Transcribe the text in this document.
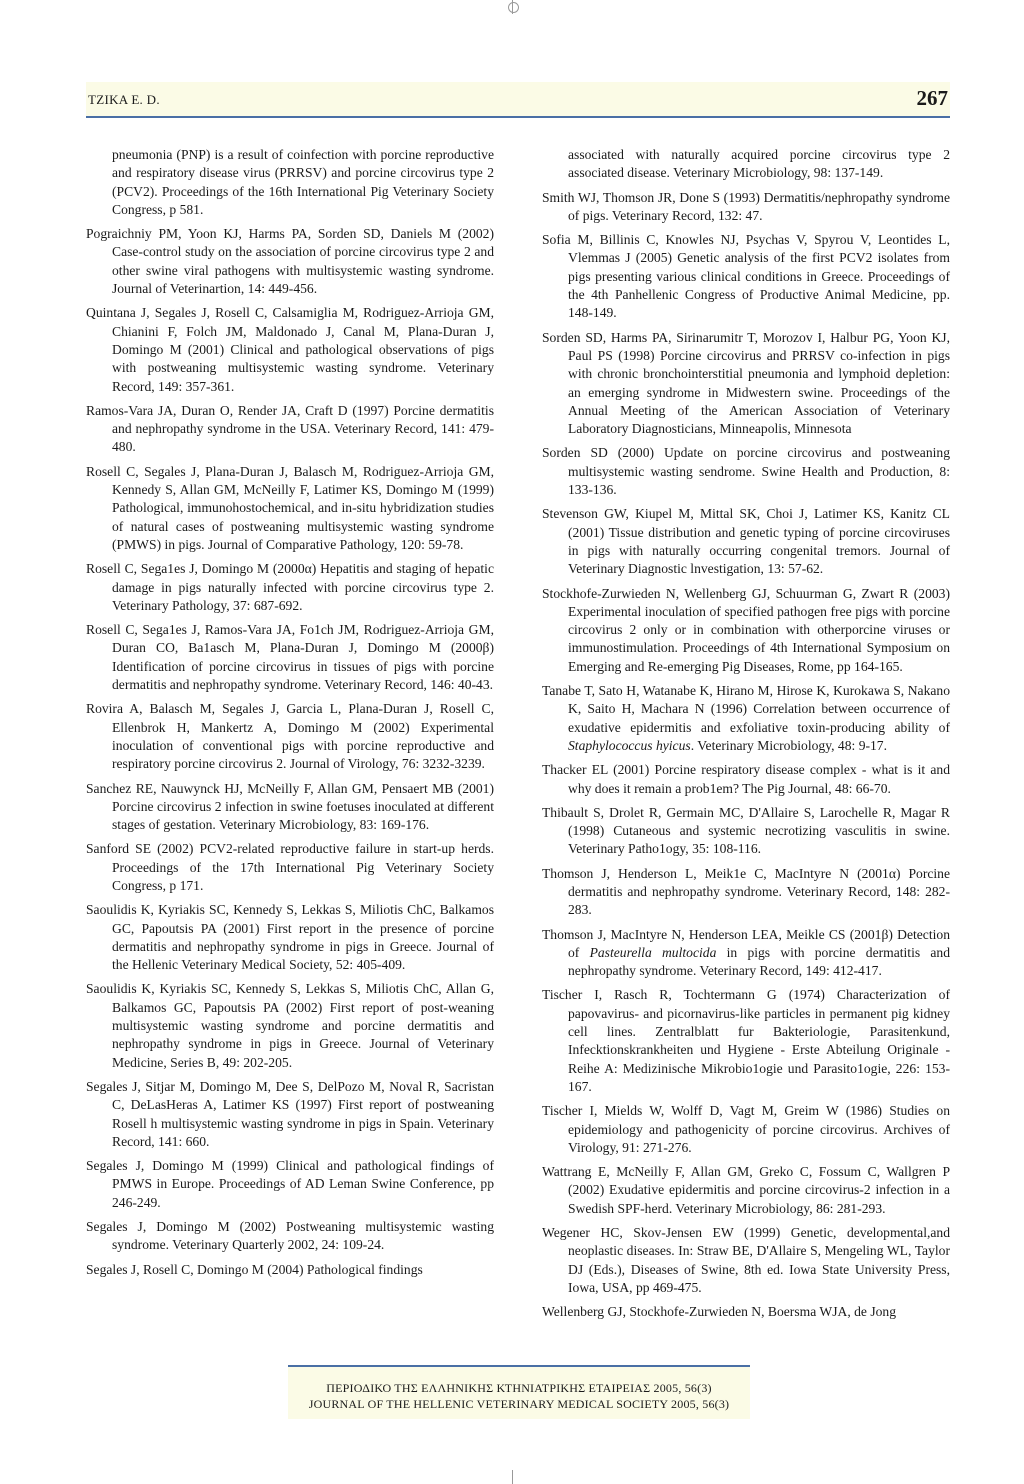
TZIKA E. D.	267

pneumonia (PNP) is a result of coinfection with porcine reproductive and respiratory disease virus (PRRSV) and porcine circovirus type 2 (PCV2). Proceedings of the 16th International Pig Veterinary Society Congress, p 581.

Pograichniy PM, Yoon KJ, Harms PA, Sorden SD, Daniels M (2002) Case-control study on the association of porcine circovirus type 2 and other swine viral pathogens with multisystemic wasting syndrome. Journal of Veterinartion, 14: 449-456.

Quintana J, Segales J, Rosell C, Calsamiglia M, Rodriguez-Arrioja GM, Chianini F, Folch JM, Maldonado J, Canal M, Plana-Duran J, Domingo M (2001) Clinical and pathological observations of pigs with postweaning multisystemic wasting syndrome. Veterinary Record, 149: 357-361.

Ramos-Vara JA, Duran O, Render JA, Craft D (1997) Porcine dermatitis and nephropathy syndrome in the USA. Veterinary Record, 141: 479-480.

Rosell C, Segales J, Plana-Duran J, Balasch M, Rodriguez-Arrioja GM, Kennedy S, Allan GM, McNeilly F, Latimer KS, Domingo M (1999) Pathological, immunohostochemical, and in-situ hybridization studies of natural cases of postweaning multisystemic wasting syndrome (PMWS) in pigs. Journal of Comparative Pathology, 120: 59-78.

Rosell C, Sega1es J, Domingo M (2000α) Hepatitis and staging of hepatic damage in pigs naturally infected with porcine circovirus type 2. Veterinary Pathology, 37: 687-692.

Rosell C, Sega1es J, Ramos-Vara JA, Fo1ch JM, Rodriguez-Arrioja GM, Duran CO, Ba1asch M, Plana-Duran J, Domingo M (2000β) Identification of porcine circovirus in tissues of pigs with porcine dermatitis and nephropathy syndrome. Veterinary Record, 146: 40-43.

Rovira A, Balasch M, Segales J, Garcia L, Plana-Duran J, Rosell C, Ellenbrok H, Mankertz A, Domingo M (2002) Experimental inoculation of conventional pigs with porcine reproductive and respiratory porcine circovirus 2. Journal of Virology, 76: 3232-3239.

Sanchez RE, Nauwynck HJ, McNeilly F, Allan GM, Pensaert MB (2001) Porcine circovirus 2 infection in swine foetuses inoculated at different stages of gestation. Veterinary Microbiology, 83: 169-176.

Sanford SE (2002) PCV2-related reproductive failure in start-up herds. Proceedings of the 17th International Pig Veterinary Society Congress, p 171.

Saoulidis K, Kyriakis SC, Kennedy S, Lekkas S, Miliotis ChC, Balkamos GC, Papoutsis PA (2001) First report in the presence of porcine dermatitis and nephropathy syndrome in pigs in Greece. Journal of the Hellenic Veterinary Medical Society, 52: 405-409.

Saoulidis K, Kyriakis SC, Kennedy S, Lekkas S, Miliotis ChC, Allan G, Balkamos GC, Papoutsis PA (2002) First report of post-weaning multisystemic wasting syndrome and porcine dermatitis and nephropathy syndrome in pigs in Greece. Journal of Veterinary Medicine, Series B, 49: 202-205.

Segales J, Sitjar M, Domingo M, Dee S, DelPozo M, Noval R, Sacristan C, DeLasHeras A, Latimer KS (1997) First report of postweaning Rosell h multisystemic wasting syndrome in pigs in Spain. Veterinary Record, 141: 660.

Segales J, Domingo M (1999) Clinical and pathological findings of PMWS in Europe. Proceedings of AD Leman Swine Conference, pp 246-249.

Segales J, Domingo M (2002) Postweaning multisystemic wasting syndrome. Veterinary Quarterly 2002, 24: 109-24.

Segales J, Rosell C, Domingo M (2004) Pathological findings

associated with naturally acquired porcine circovirus type 2 associated disease. Veterinary Microbiology, 98: 137-149.

Smith WJ, Thomson JR, Done S (1993) Dermatitis/nephropathy syndrome of pigs. Veterinary Record, 132: 47.

Sofia M, Billinis C, Knowles NJ, Psychas V, Spyrou V, Leontides L, Vlemmas J (2005) Genetic analysis of the first PCV2 isolates from pigs presenting various clinical conditions in Greece. Proceedings of the 4th Panhellenic Congress of Productive Animal Medicine, pp. 148-149.

Sorden SD, Harms PA, Sirinarumitr T, Morozov I, Halbur PG, Yoon KJ, Paul PS (1998) Porcine circovirus and PRRSV co-infection in pigs with chronic bronchointerstitial pneumonia and lymphoid depletion: an emerging syndrome in Midwestern swine. Proceedings of the Annual Meeting of the American Association of Veterinary Laboratory Diagnosticians, Minneapolis, Minnesota

Sorden SD (2000) Update on porcine circovirus and postweaning multisystemic wasting sendrome. Swine Health and Production, 8: 133-136.

Stevenson GW, Kiupel M, Mittal SK, Choi J, Latimer KS, Kanitz CL (2001) Tissue distribution and genetic typing of porcine circoviruses in pigs with naturally occurring congenital tremors. Journal of Veterinary Diagnostic lnvestigation, 13: 57-62.

Stockhofe-Zurwieden N, Wellenberg GJ, Schuurman G, Zwart R (2003) Experimental inoculation of specified pathogen free pigs with porcine circovirus 2 only or in combination with otherporcine viruses or immunostimulation. Proceedings of 4th International Symposium on Emerging and Re-emerging Pig Diseases, Rome, pp 164-165.

Tanabe T, Sato H, Watanabe K, Hirano M, Hirose K, Kurokawa S, Nakano K, Saito H, Machara N (1996) Correlation between occurrence of exudative epidermitis and exfoliative toxin-producing ability of Staphylococcus hyicus. Veterinary Microbiology, 48: 9-17.

Thacker EL (2001) Porcine respiratory disease complex - what is it and why does it remain a prob1em? The Pig Journal, 48: 66-70.

Thibault S, Drolet R, Germain MC, D'Allaire S, Larochelle R, Magar R (1998) Cutaneous and systemic necrotizing vasculitis in swine. Veterinary Patho1ogy, 35: 108-116.

Thomson J, Henderson L, Meik1e C, MacIntyre N (2001α) Porcine dermatitis and nephropathy syndrome. Veterinary Record, 148: 282-283.

Thomson J, MacIntyre N, Henderson LEA, Meikle CS (2001β) Detection of Pasteurella multocida in pigs with porcine dermatitis and nephropathy syndrome. Veterinary Record, 149: 412-417.

Tischer I, Rasch R, Tochtermann G (1974) Characterization of papovavirus- and picornavirus-like particles in permanent pig kidney cell lines. Zentralblatt fur Bakteriologie, Parasitenkund, Infecktionskrankheiten und Hygiene - Erste Abteilung Originale -Reihe A: Medizinische Mikrobio1ogie und Parasito1ogie, 226: 153-167.

Tischer I, Mields W, Wolff D, Vagt M, Greim W (1986) Studies on epidemiology and pathogenicity of porcine circovirus. Archives of Virology, 91: 271-276.

Wattrang E, McNeilly F, Allan GM, Greko C, Fossum C, Wallgren P (2002) Exudative epidermitis and porcine circovirus-2 infection in a Swedish SPF-herd. Veterinary Microbiology, 86: 281-293.

Wegener HC, Skov-Jensen EW (1999) Genetic, developmental,and neoplastic diseases. In: Straw BE, D'Allaire S, Mengeling WL, Taylor DJ (Eds.), Diseases of Swine, 8th ed. Iowa State University Press, Iowa, USA, pp 469-475.

Wellenberg GJ, Stockhofe-Zurwieden N, Boersma WJA, de Jong

ΠΕΡΙΟΔΙΚΟ ΤΗΣ ΕΛΛΗΝΙΚΗΣ ΚΤΗΝΙΑΤΡΙΚΗΣ ΕΤΑΙΡΕΙΑΣ 2005, 56(3)
JOURNAL OF THE HELLENIC VETERINARY MEDICAL SOCIETY 2005, 56(3)
